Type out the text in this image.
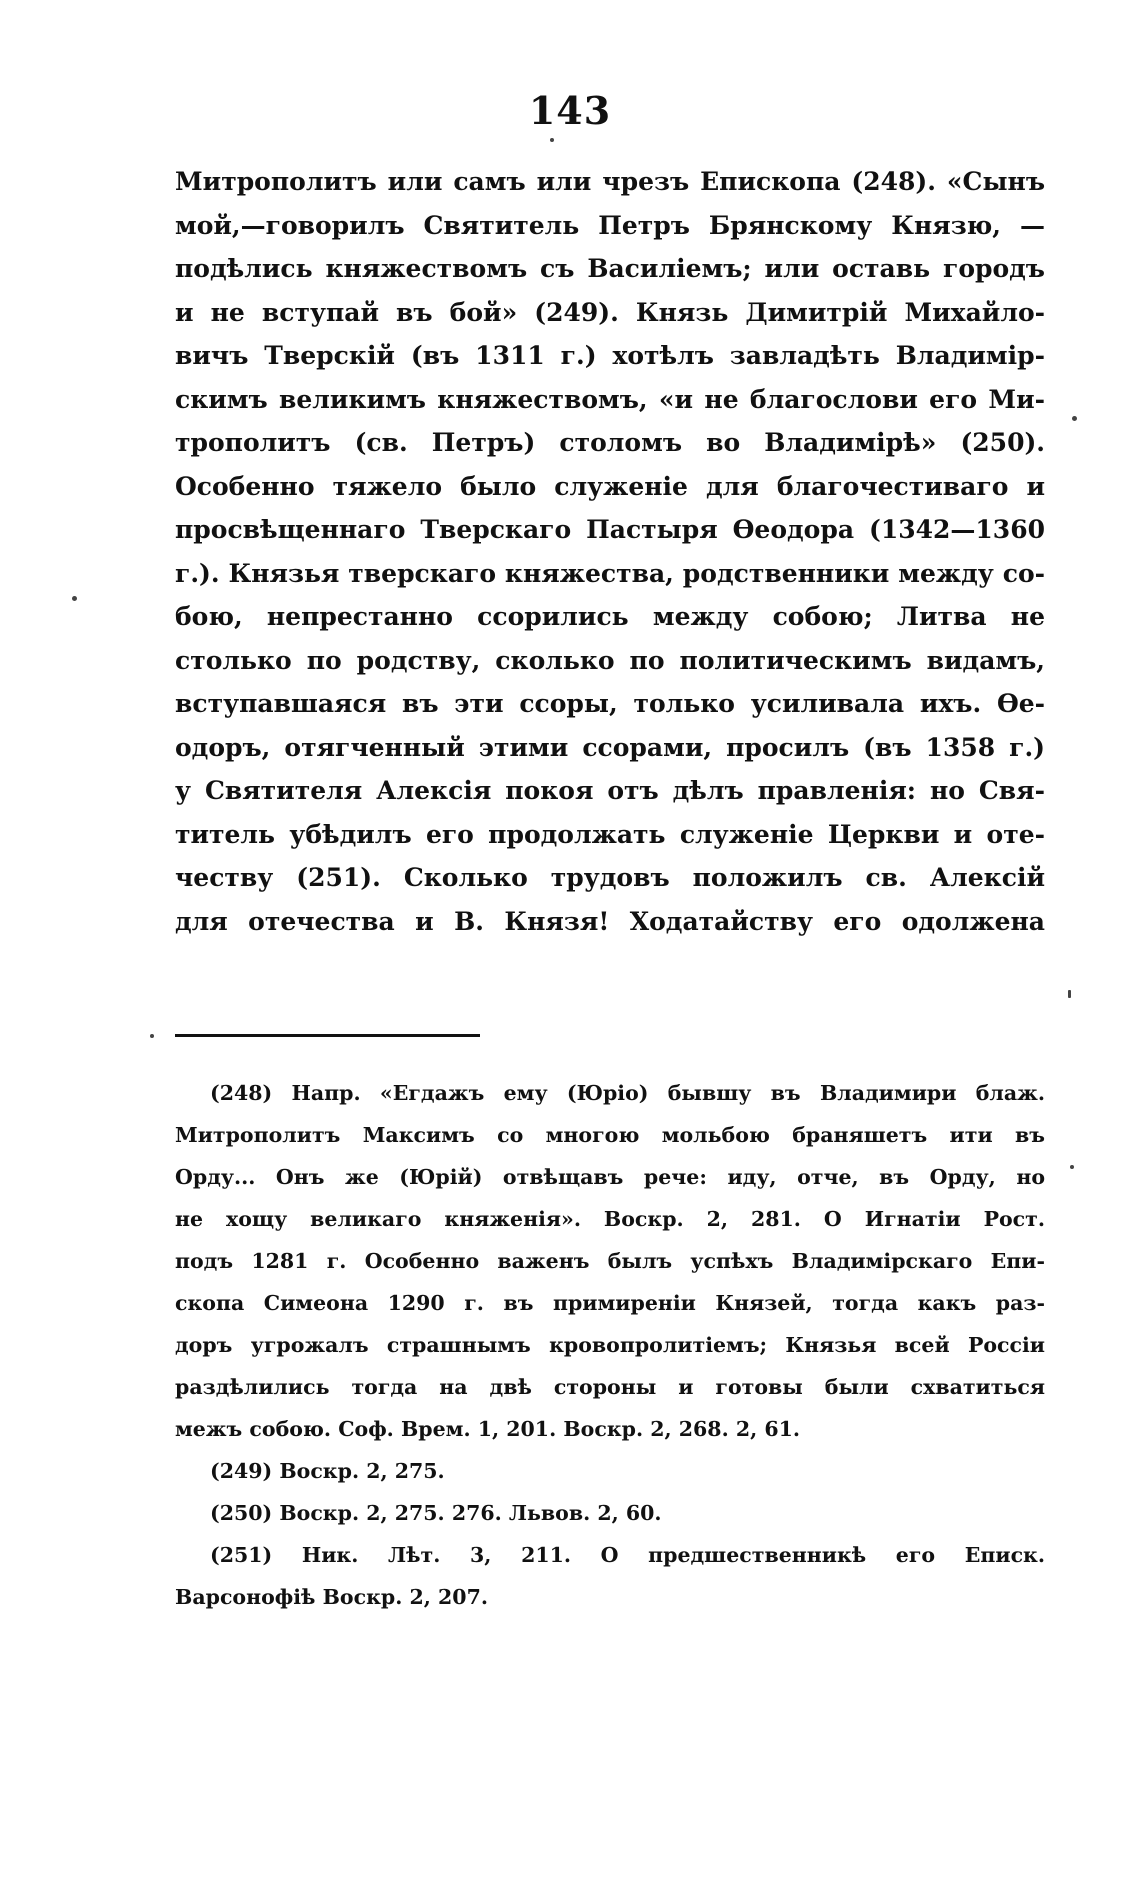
143
Митрополитъ или самъ или чрезъ Епископа (248). «Сынъ
мой,—говорилъ Святитель Петръ Брянскому Князю, —
подѣлись княжествомъ съ Василіемъ; или оставь городъ
и не вступай въ бой» (249). Князь Димитрій Михайло-
вичъ Тверскій (въ 1311 г.) хотѣлъ завладѣть Владимір-
скимъ великимъ княжествомъ, «и не благослови его Ми-
трополитъ (св. Петръ) столомъ во Владимірѣ» (250).
Особенно тяжело было служеніе для благочестиваго и
просвѣщеннаго Тверскаго Пастыря Ѳеодора (1342—1360
г.). Князья тверскаго княжества, родственники между со-
бою, непрестанно ссорились между собою; Литва не
столько по родству, сколько по политическимъ видамъ,
вступавшаяся въ эти ссоры, только усиливала ихъ. Ѳе-
одоръ, отягченный этими ссорами, просилъ (въ 1358 г.)
у Святителя Алексія покоя отъ дѣлъ правленія: но Свя-
титель убѣдилъ его продолжать служеніе Церкви и оте-
честву (251). Сколько трудовъ положилъ св. Алексій
для отечества и В. Князя! Ходатайству его одолжена
(248) Напр. «Егдажъ ему (Юріо) бывшу въ Владимири блаж.
Митрополитъ Максимъ со многою мольбою браняшетъ ити въ
Орду... Онъ же (Юрій) отвѣщавъ рече: иду, отче, въ Орду, но
не хощу великаго княженія». Воскр. 2, 281. О Игнатіи Рост.
подъ 1281 г. Особенно важенъ былъ успѣхъ Владимірскаго Епи-
скопа Симеона 1290 г. въ примиреніи Князей, тогда какъ раз-
доръ угрожалъ страшнымъ кровопролитіемъ; Князья всей Россіи
раздѣлились тогда на двѣ стороны и готовы были схватиться
межъ собою. Соф. Врем. 1, 201. Воскр. 2, 268. 2, 61.
(249) Воскр. 2, 275.
(250) Воскр. 2, 275. 276. Львов. 2, 60.
(251) Ник. Лѣт. 3, 211. О предшественникѣ его Еписк.
Варсонофіѣ Воскр. 2, 207.
